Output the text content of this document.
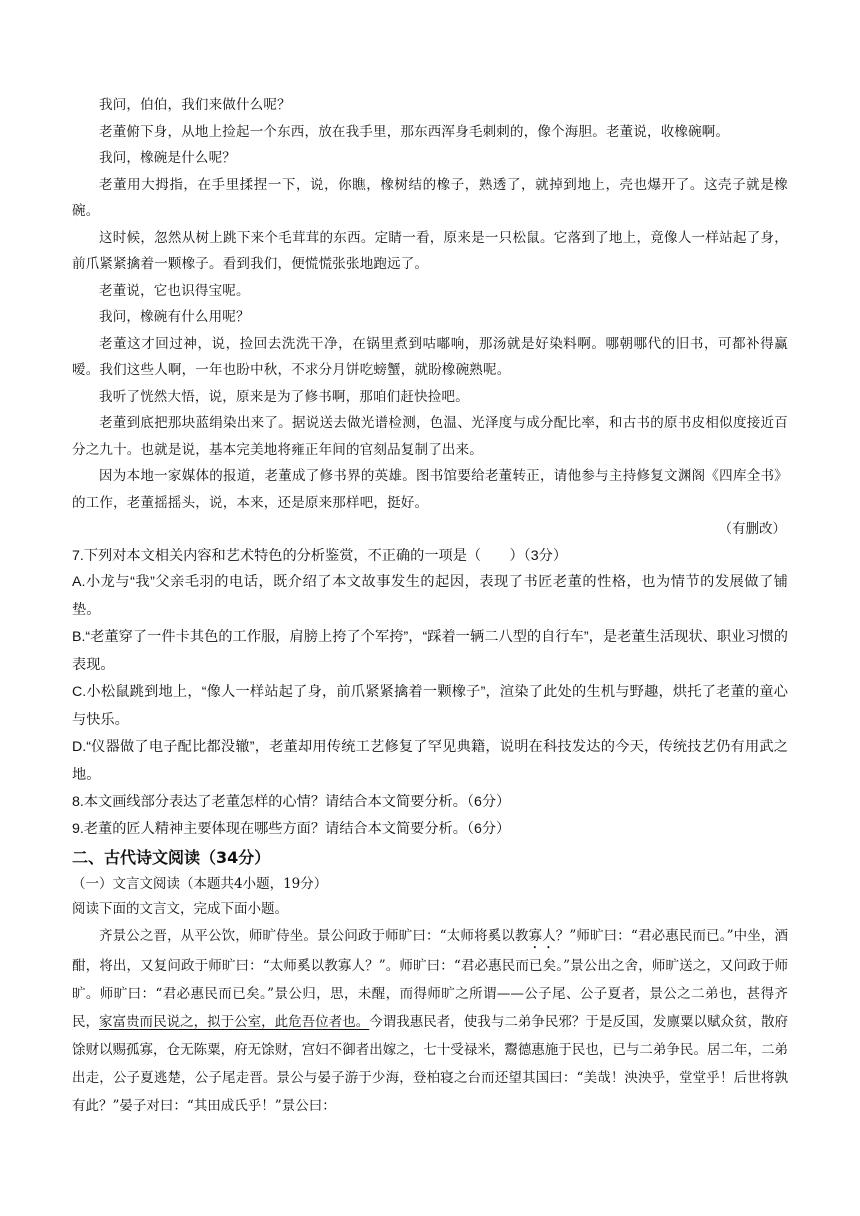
我问，伯伯，我们来做什么呢？

老董俯下身，从地上捡起一个东西，放在我手里，那东西浑身毛刺刺的，像个海胆。老董说，收橡碗啊。

我问，橡碗是什么呢？

老董用大拇指，在手里揉捏一下，说，你瞧，橡树结的橡子，熟透了，就掉到地上，壳也爆开了。这壳子就是橡碗。

这时候，忽然从树上跳下来个毛茸茸的东西。定睛一看，原来是一只松鼠。它落到了地上，竟像人一样站起了身，前爪紧紧擒着一颗橡子。看到我们，便慌慌张张地跑远了。

老董说，它也识得宝呢。

我问，橡碗有什么用呢？

老董这才回过神，说，捡回去洗洗干净，在锅里煮到咕嘟响，那汤就是好染料啊。哪朝哪代的旧书，可都补得赢嗳。我们这些人啊，一年也盼中秋，不求分月饼吃螃蟹，就盼橡碗熟呢。

我听了恍然大悟，说，原来是为了修书啊，那咱们赶快捡吧。

老董到底把那块蓝绢染出来了。据说送去做光谱检测，色温、光泽度与成分配比率，和古书的原书皮相似度接近百分之九十。也就是说，基本完美地将雍正年间的官刻品复制了出来。

因为本地一家媒体的报道，老董成了修书界的英雄。图书馆要给老董转正，请他参与主持修复文渊阁《四库全书》的工作，老董摇摇头，说，本来，还是原来那样吧，挺好。

（有删改）

7.下列对本文相关内容和艺术特色的分析鉴赏，不正确的一项是（　　）（3分）

A.小龙与“我”父亲毛羽的电话，既介绍了本文故事发生的起因，表现了书匠老董的性格，也为情节的发展做了铺垫。

B.“老董穿了一件卡其色的工作服，肩膀上挎了个军挎”，“踩着一辆二八型的自行车”，是老董生活现状、职业习惯的表现。

C.小松鼠跳到地上，“像人一样站起了身，前爪紧紧擒着一颗橡子”，渲染了此处的生机与野趣，烘托了老董的童心与快乐。

D.“仪器做了电子配比都没辙”，老董却用传统工艺修复了罕见典籍，说明在科技发达的今天，传统技艺仍有用武之地。

8.本文画线部分表达了老董怎样的心情？请结合本文简要分析。（6分）

9.老董的匠人精神主要体现在哪些方面？请结合本文简要分析。（6分）

二、古代诗文阅读（34分）

（一）文言文阅读（本题共4小题，19分）

阅读下面的文言文，完成下面小题。

齐景公之晋，从平公饮，师旷侍坐。景公问政于师旷曰：“太师将奚以教寡人？”师旷曰：“君必惠民而已。”中坐，酒酣，将出，又复问政于师旷曰：“太师奚以教寡人？”。师旷曰：“君必惠民而已矣。”景公出之舍，师旷送之，又问政于师旷。师旷曰：“君必惠民而已矣。”景公归，思，未醒，而得师旷之所谓——公子尾、公子夏者，景公之二弟也，甚得齐民，家富贵而民说之，拟于公室，此危吾位者也。今谓我惠民者，使我与二弟争民邪？于是反国，发廪粟以赋众贫，散府馀财以赐孤寡，仓无陈粟，府无馀财，宫妇不御者出嫁之，七十受禄米，鬻德惠施于民也，已与二弟争民。居二年，二弟出走，公子夏逃楚，公子尾走晋。景公与晏子游于少海，登柏寝之台而还望其国曰：“美哉！泱泱乎，堂堂乎！后世将孰有此？”晏子对曰：“其田成氏乎！”景公曰：
